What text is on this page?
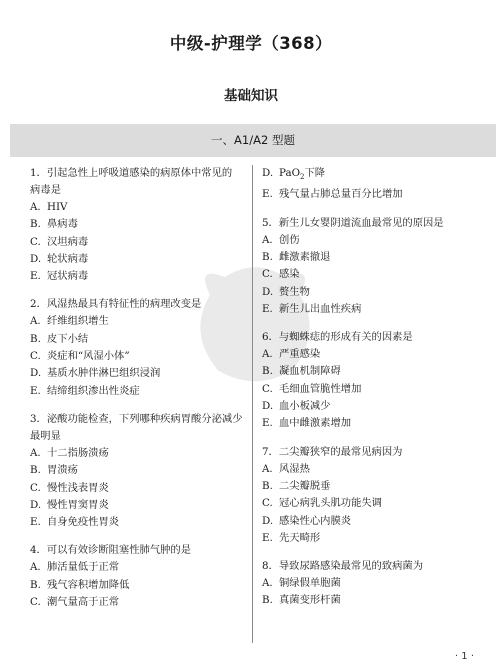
中级-护理学（368）
基础知识
一、A1/A2 型题
1．引起急性上呼吸道感染的病原体中常见的
病毒是
A. HIV
B. 鼻病毒
C. 汉坦病毒
D. 轮状病毒
E. 冠状病毒
2．风湿热最具有特征性的病理改变是
A. 纤维组织增生
B. 皮下小结
C. 炎症和“风湿小体”
D. 基质水肿伴淋巴组织浸润
E. 结缔组织渗出性炎症
3．泌酸功能检查，下列哪种疾病胃酸分泌减少
最明显
A. 十二指肠溃疡
B. 胃溃疡
C. 慢性浅表胃炎
D. 慢性胃窦胃炎
E. 自身免疫性胃炎
4．可以有效诊断阻塞性肺气肿的是
A. 肺活量低于正常
B. 残气容积增加降低
C. 潮气量高于正常
D. PaO$_2$下降
E. 残气量占肺总量百分比增加
5．新生儿女婴阴道流血最常见的原因是
A. 创伤
B. 雌激素撤退
C. 感染
D. 赘生物
E. 新生儿出血性疾病
6．与蜘蛛痣的形成有关的因素是
A. 严重感染
B. 凝血机制障碍
C. 毛细血管脆性增加
D. 血小板减少
E. 血中雌激素增加
7．二尖瓣狭窄的最常见病因为
A. 风湿热
B. 二尖瓣脱垂
C. 冠心病乳头肌功能失调
D. 感染性心内膜炎
E. 先天畸形
8．导致尿路感染最常见的致病菌为
A. 铜绿假单胞菌
B. 真菌变形杆菌
· 1 ·
